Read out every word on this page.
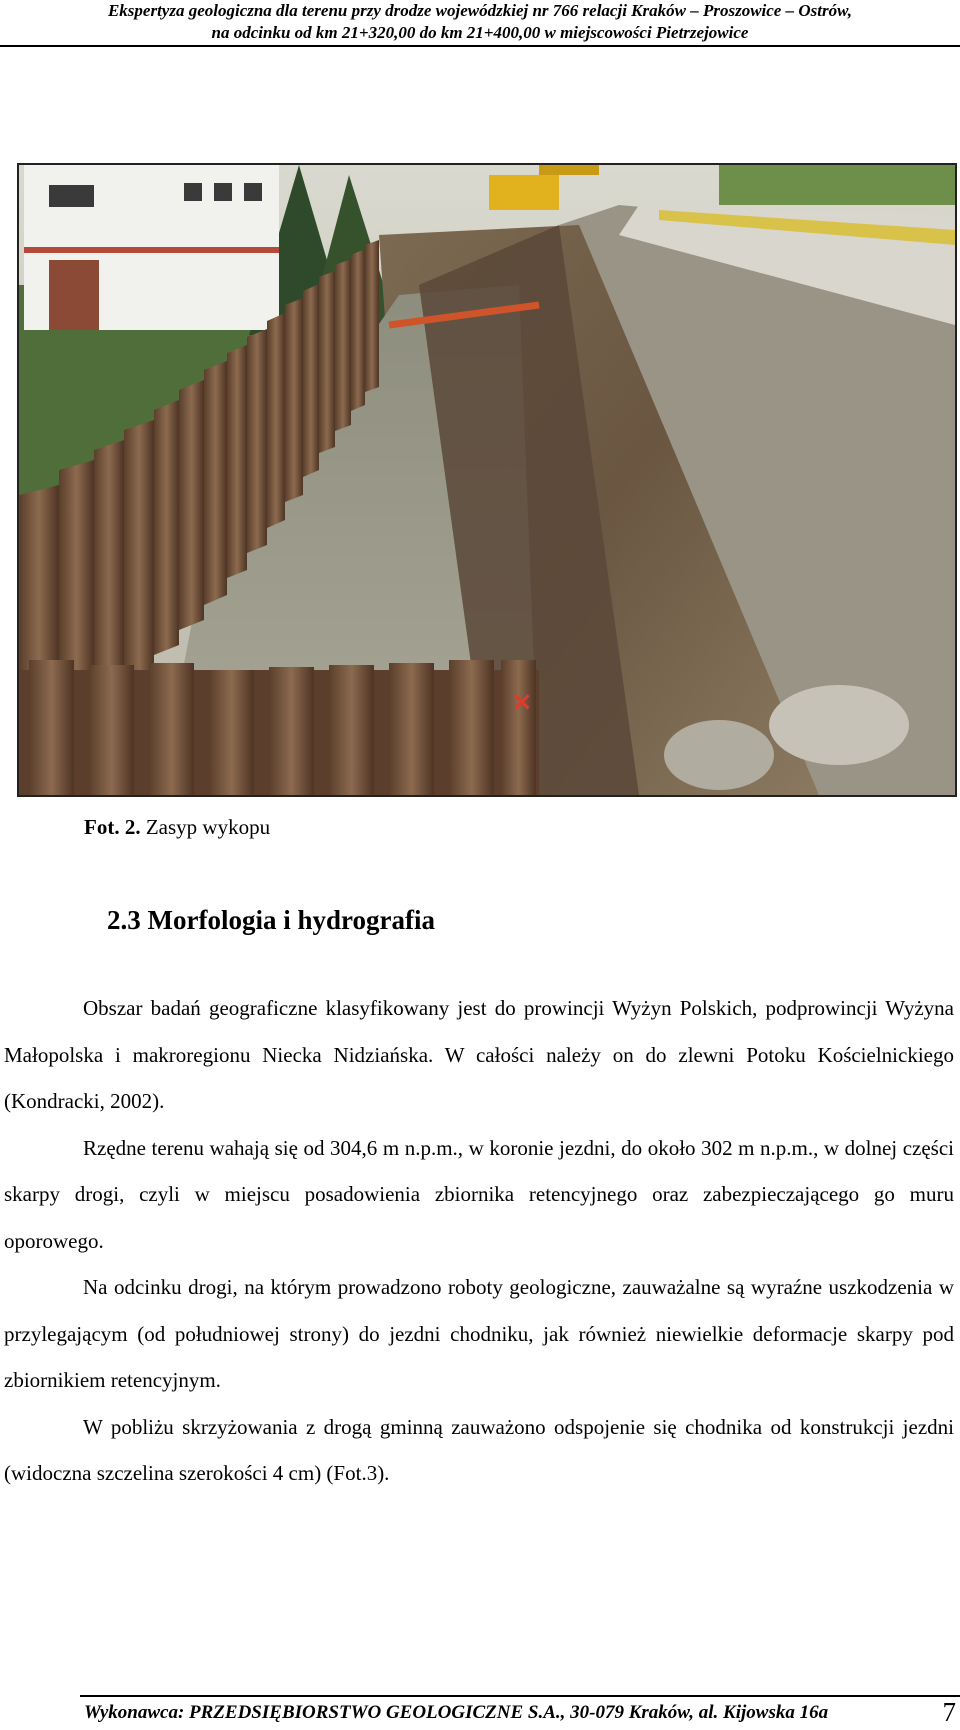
Ekspertyza geologiczna dla terenu przy drodze wojewódzkiej nr 766 relacji Kraków – Proszowice – Ostrów,
na odcinku od km 21+320,00 do km 21+400,00 w miejscowości Pietrzejowice
×
Fot. 2. Zasyp wykopu
2.3 Morfologia i hydrografia

Obszar badań geograficzne klasyfikowany jest do prowincji Wyżyn Polskich, podprowincji Wyżyna Małopolska i makroregionu Niecka Nidziańska. W całości należy on do zlewni Potoku Kościelnickiego (Kondracki, 2002).

Rzędne terenu wahają się od 304,6 m n.p.m., w koronie jezdni, do około 302 m n.p.m., w dolnej części skarpy drogi, czyli w miejscu posadowienia zbiornika retencyjnego oraz zabezpieczającego go muru oporowego.

Na odcinku drogi, na którym prowadzono roboty geologiczne, zauważalne są wyraźne uszkodzenia w przylegającym (od południowej strony) do jezdni chodniku, jak również niewielkie deformacje skarpy pod zbiornikiem retencyjnym.

W pobliżu skrzyżowania z drogą gminną zauważono odspojenie się chodnika od konstrukcji jezdni (widoczna szczelina szerokości 4 cm) (Fot.3).

Wykonawca: PRZEDSIĘBIORSTWO GEOLOGICZNE S.A., 30-079 Kraków, al. Kijowska 16a	7
